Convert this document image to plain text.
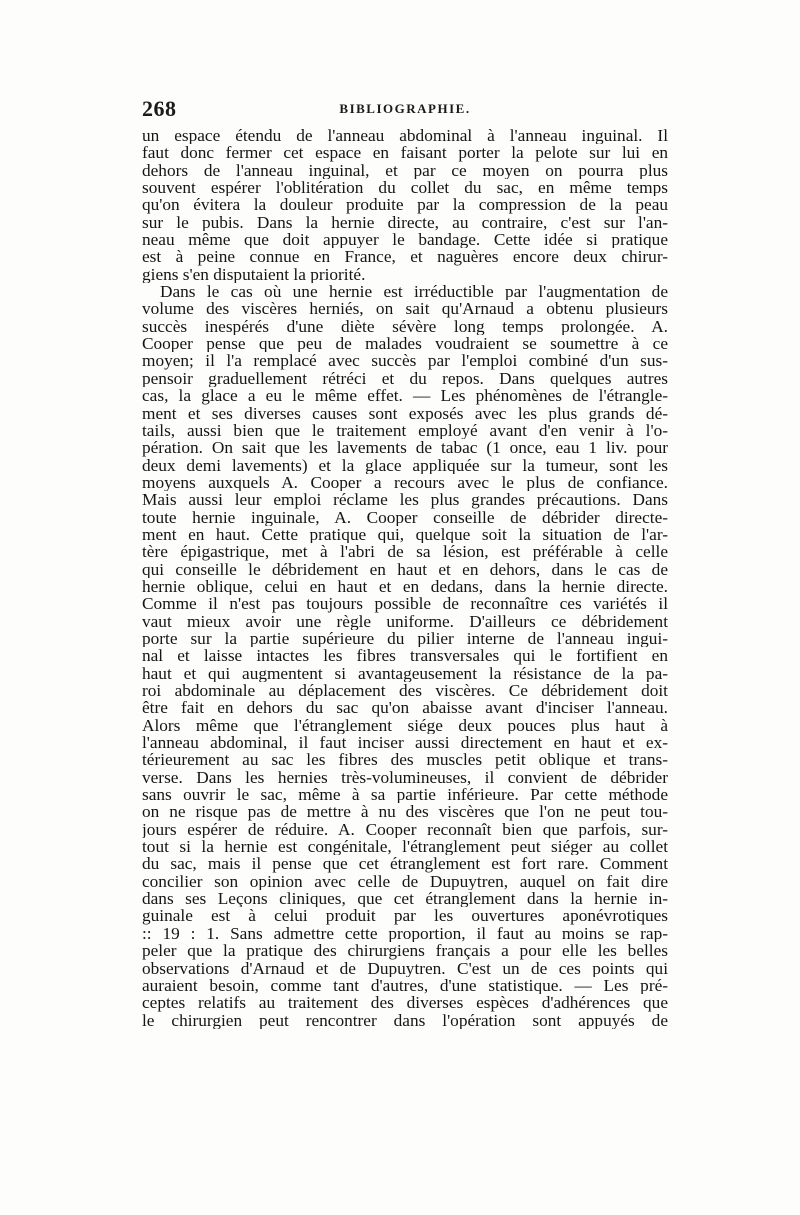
268	BIBLIOGRAPHIE.
un espace étendu de l'anneau abdominal à l'anneau inguinal. Il
faut donc fermer cet espace en faisant porter la pelote sur lui en
dehors de l'anneau inguinal, et par ce moyen on pourra plus
souvent espérer l'oblitération du collet du sac, en même temps
qu'on évitera la douleur produite par la compression de la peau
sur le pubis. Dans la hernie directe, au contraire, c'est sur l'an-
neau même que doit appuyer le bandage. Cette idée si pratique
est à peine connue en France, et naguères encore deux chirur-
giens s'en disputaient la priorité.
Dans le cas où une hernie est irréductible par l'augmentation de
volume des viscères herniés, on sait qu'Arnaud a obtenu plusieurs
succès inespérés d'une diète sévère long temps prolongée. A.
Cooper pense que peu de malades voudraient se soumettre à ce
moyen; il l'a remplacé avec succès par l'emploi combiné d'un sus-
pensoir graduellement rétréci et du repos. Dans quelques autres
cas, la glace a eu le même effet. — Les phénomènes de l'étrangle-
ment et ses diverses causes sont exposés avec les plus grands dé-
tails, aussi bien que le traitement employé avant d'en venir à l'o-
pération. On sait que les lavements de tabac (1 once, eau 1 liv. pour
deux demi lavements) et la glace appliquée sur la tumeur, sont les
moyens auxquels A. Cooper a recours avec le plus de confiance.
Mais aussi leur emploi réclame les plus grandes précautions. Dans
toute hernie inguinale, A. Cooper conseille de débrider directe-
ment en haut. Cette pratique qui, quelque soit la situation de l'ar-
tère épigastrique, met à l'abri de sa lésion, est préférable à celle
qui conseille le débridement en haut et en dehors, dans le cas de
hernie oblique, celui en haut et en dedans, dans la hernie directe.
Comme il n'est pas toujours possible de reconnaître ces variétés il
vaut mieux avoir une règle uniforme. D'ailleurs ce débridement
porte sur la partie supérieure du pilier interne de l'anneau ingui-
nal et laisse intactes les fibres transversales qui le fortifient en
haut et qui augmentent si avantageusement la résistance de la pa-
roi abdominale au déplacement des viscères. Ce débridement doit
être fait en dehors du sac qu'on abaisse avant d'inciser l'anneau.
Alors même que l'étranglement siége deux pouces plus haut à
l'anneau abdominal, il faut inciser aussi directement en haut et ex-
térieurement au sac les fibres des muscles petit oblique et trans-
verse. Dans les hernies très-volumineuses, il convient de débrider
sans ouvrir le sac, même à sa partie inférieure. Par cette méthode
on ne risque pas de mettre à nu des viscères que l'on ne peut tou-
jours espérer de réduire. A. Cooper reconnaît bien que parfois, sur-
tout si la hernie est congénitale, l'étranglement peut siéger au collet
du sac, mais il pense que cet étranglement est fort rare. Comment
concilier son opinion avec celle de Dupuytren, auquel on fait dire
dans ses Leçons cliniques, que cet étranglement dans la hernie in-
guinale est à celui produit par les ouvertures aponévrotiques
:: 19 : 1. Sans admettre cette proportion, il faut au moins se rap-
peler que la pratique des chirurgiens français a pour elle les belles
observations d'Arnaud et de Dupuytren. C'est un de ces points qui
auraient besoin, comme tant d'autres, d'une statistique. — Les pré-
ceptes relatifs au traitement des diverses espèces d'adhérences que
le chirurgien peut rencontrer dans l'opération sont appuyés de
